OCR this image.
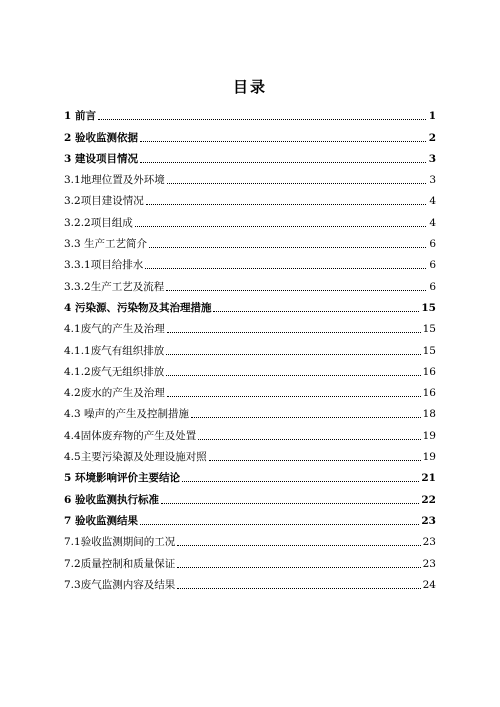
目录
1 前言	1
2 验收监测依据	2
3 建设项目情况	3
3.1地理位置及外环境	3
3.2项目建设情况	4
3.2.2项目组成	4
3.3 生产工艺简介	6
3.3.1项目给排水	6
3.3.2生产工艺及流程	6
4 污染源、污染物及其治理措施	15
4.1废气的产生及治理	15
4.1.1废气有组织排放	15
4.1.2废气无组织排放	16
4.2废水的产生及治理	16
4.3 噪声的产生及控制措施	18
4.4固体废弃物的产生及处置	19
4.5主要污染源及处理设施对照	19
5 环境影响评价主要结论	21
6 验收监测执行标准	22
7 验收监测结果	23
7.1验收监测期间的工况	23
7.2质量控制和质量保证	23
7.3废气监测内容及结果	24
